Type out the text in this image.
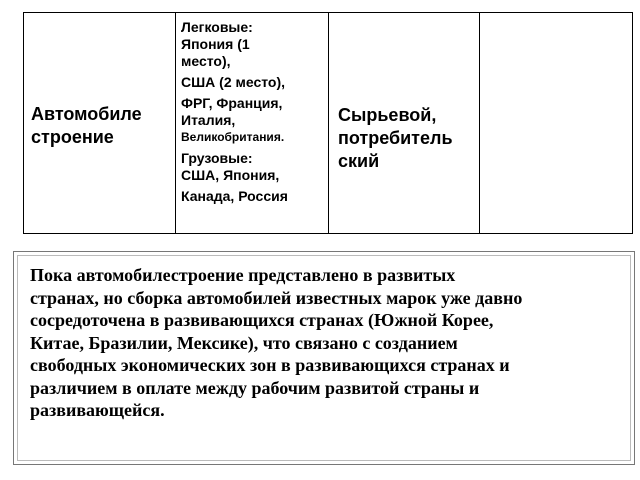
Автомобиле
строение
Легковые:
Япония (1
место),
США (2 место),
ФРГ, Франция,
Италия,
Великобритания.
Грузовые:
США, Япония,
Канада, Россия
Сырьевой,
потребитель
ский
Пока автомобилестроение представлено в развитых
странах, но сборка автомобилей известных марок уже давно
сосредоточена в развивающихся странах (Южной Корее,
Китае, Бразилии, Мексике), что связано с созданием
свободных экономических зон в развивающихся странах и
различием в оплате между рабочим развитой страны и
развивающейся.
